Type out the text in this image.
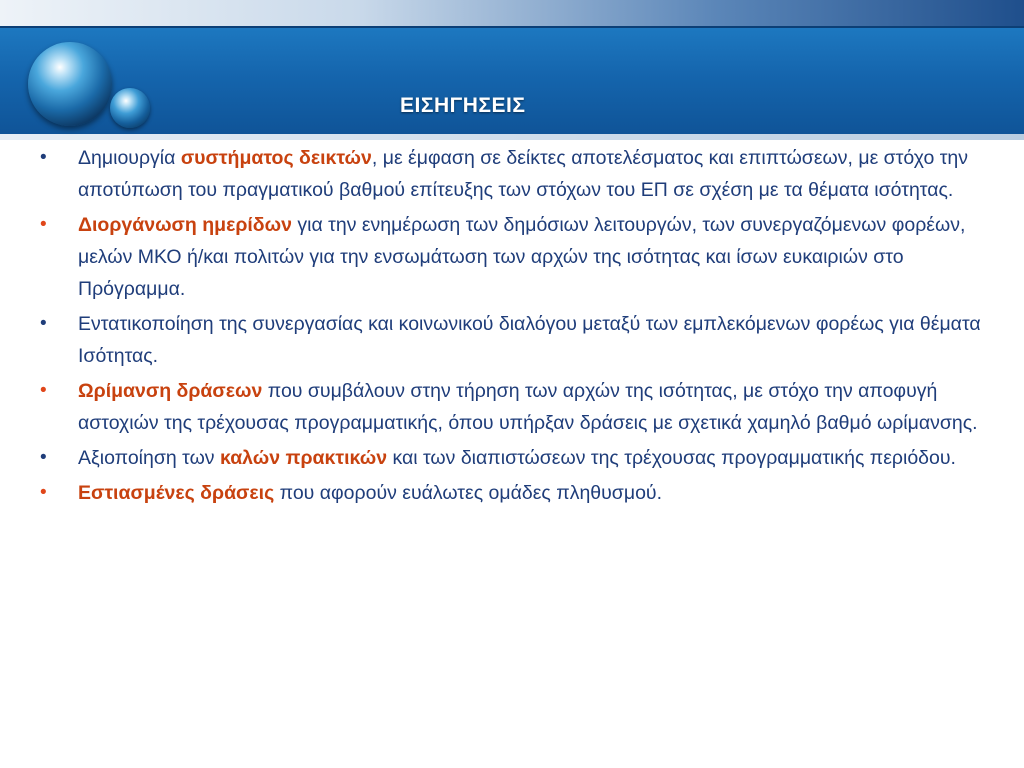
ΕΙΣΗΓΗΣΕΙΣ
• Δημιουργία συστήματος δεικτών, με έμφαση σε δείκτες αποτελέσματος και επιπτώσεων, με στόχο την αποτύπωση του πραγματικού βαθμού επίτευξης των στόχων του ΕΠ σε σχέση με τα θέματα ισότητας.
• Διοργάνωση ημερίδων για την ενημέρωση των δημόσιων λειτουργών, των συνεργαζόμενων φορέων, μελών ΜΚΟ ή/και πολιτών για την ενσωμάτωση των αρχών της ισότητας και ίσων ευκαιριών στο Πρόγραμμα.
• Εντατικοποίηση της συνεργασίας και κοινωνικού διαλόγου μεταξύ των εμπλεκόμενων φορέως για θέματα Ισότητας.
• Ωρίμανση δράσεων που συμβάλουν στην τήρηση των αρχών της ισότητας, με στόχο την αποφυγή αστοχιών της τρέχουσας προγραμματικής, όπου υπήρξαν δράσεις με σχετικά χαμηλό βαθμό ωρίμανσης.
• Αξιοποίηση των καλών πρακτικών και των διαπιστώσεων της τρέχουσας προγραμματικής περιόδου.
• Εστιασμένες δράσεις που αφορούν ευάλωτες ομάδες πληθυσμού.
